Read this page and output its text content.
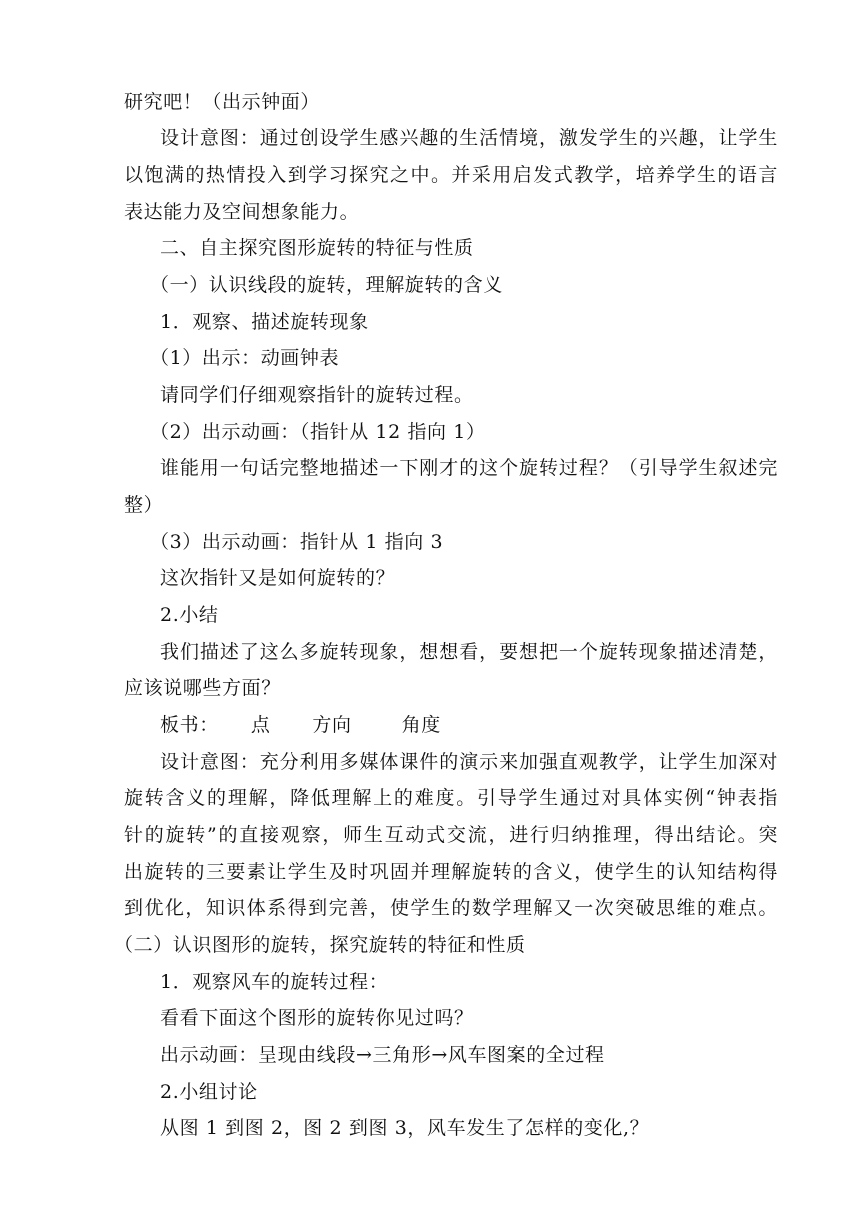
研究吧！（出示钟面）
设计意图：通过创设学生感兴趣的生活情境，激发学生的兴趣，让学生
以饱满的热情投入到学习探究之中。并采用启发式教学，培养学生的语言
表达能力及空间想象能力。
二、自主探究图形旋转的特征与性质
（一）认识线段的旋转，理解旋转的含义
1．观察、描述旋转现象
（1）出示：动画钟表
请同学们仔细观察指针的旋转过程。
（2）出示动画：（指针从 12 指向 1）
谁能用一句话完整地描述一下刚才的这个旋转过程？（引导学生叙述完
整）
（3）出示动画：指针从 1 指向 3
这次指针又是如何旋转的？
2.小结
我们描述了这么多旋转现象，想想看，要想把一个旋转现象描述清楚，
应该说哪些方面？
板书： 点 方向	角度
设计意图：充分利用多媒体课件的演示来加强直观教学，让学生加深对
旋转含义的理解，降低理解上的难度。引导学生通过对具体实例“钟表指
针的旋转”的直接观察，师生互动式交流，进行归纳推理，得出结论。突
出旋转的三要素让学生及时巩固并理解旋转的含义，使学生的认知结构得
到优化，知识体系得到完善，使学生的数学理解又一次突破思维的难点。
（二）认识图形的旋转，探究旋转的特征和性质
1．观察风车的旋转过程：
看看下面这个图形的旋转你见过吗？
出示动画：呈现由线段→三角形→风车图案的全过程
2.小组讨论
从图 1 到图 2，图 2 到图 3，风车发生了怎样的变化,？
